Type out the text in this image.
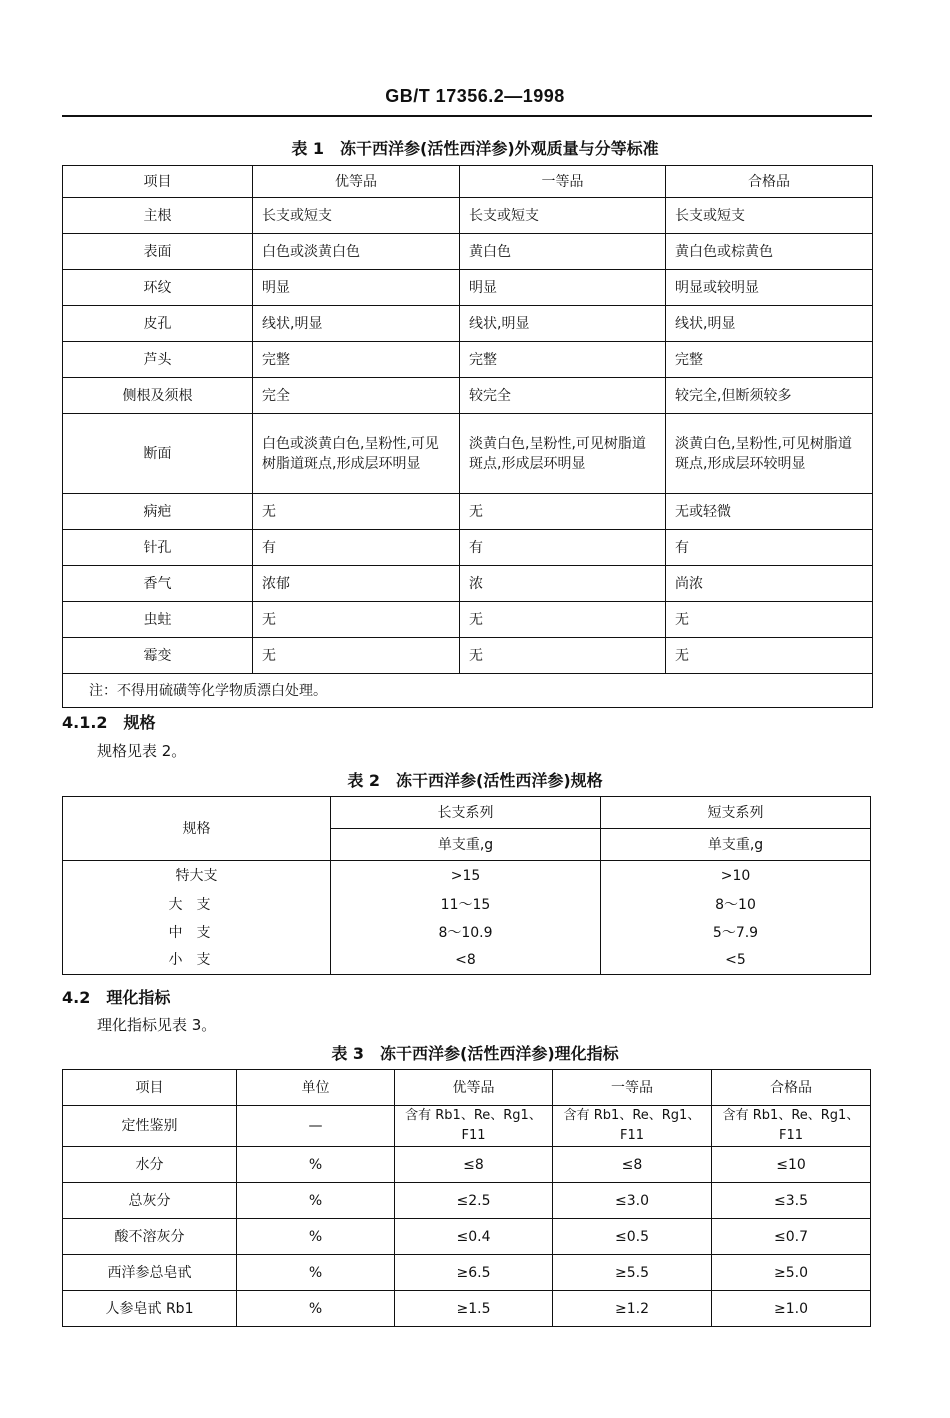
GB/T 17356.2—1998
表 1　冻干西洋参(活性西洋参)外观质量与分等标准
项目	优等品	一等品	合格品
主根	长支或短支	长支或短支	长支或短支
表面	白色或淡黄白色	黄白色	黄白色或棕黄色
环纹	明显	明显	明显或较明显
皮孔	线状,明显	线状,明显	线状,明显
芦头	完整	完整	完整
侧根及须根	完全	较完全	较完全,但断须较多
断面	白色或淡黄白色,呈粉性,可见树脂道斑点,形成层环明显	淡黄白色,呈粉性,可见树脂道斑点,形成层环明显	淡黄白色,呈粉性,可见树脂道斑点,形成层环较明显
病疤	无	无	无或轻微
针孔	有	有	有
香气	浓郁	浓	尚浓
虫蛀	无	无	无
霉变	无	无	无
注：不得用硫磺等化学物质漂白处理。			
4.1.2　规格
规格见表 2。
表 2　冻干西洋参(活性西洋参)规格
规格	长支系列	短支系列
	单支重,g	单支重,g
特大支	>15	>10
大支	11～15	8～10
中支	8～10.9	5～7.9
小支	<8	<5
4.2　理化指标
理化指标见表 3。
表 3　冻干西洋参(活性西洋参)理化指标
项目	单位	优等品	一等品	合格品
定性鉴别	—	含有 Rb1、Re、Rg1、F11	含有 Rb1、Re、Rg1、F11	含有 Rb1、Re、Rg1、F11
水分	%	≤8	≤8	≤10
总灰分	%	≤2.5	≤3.0	≤3.5
酸不溶灰分	%	≤0.4	≤0.5	≤0.7
西洋参总皂甙	%	≥6.5	≥5.5	≥5.0
人参皂甙 Rb1	%	≥1.5	≥1.2	≥1.0
